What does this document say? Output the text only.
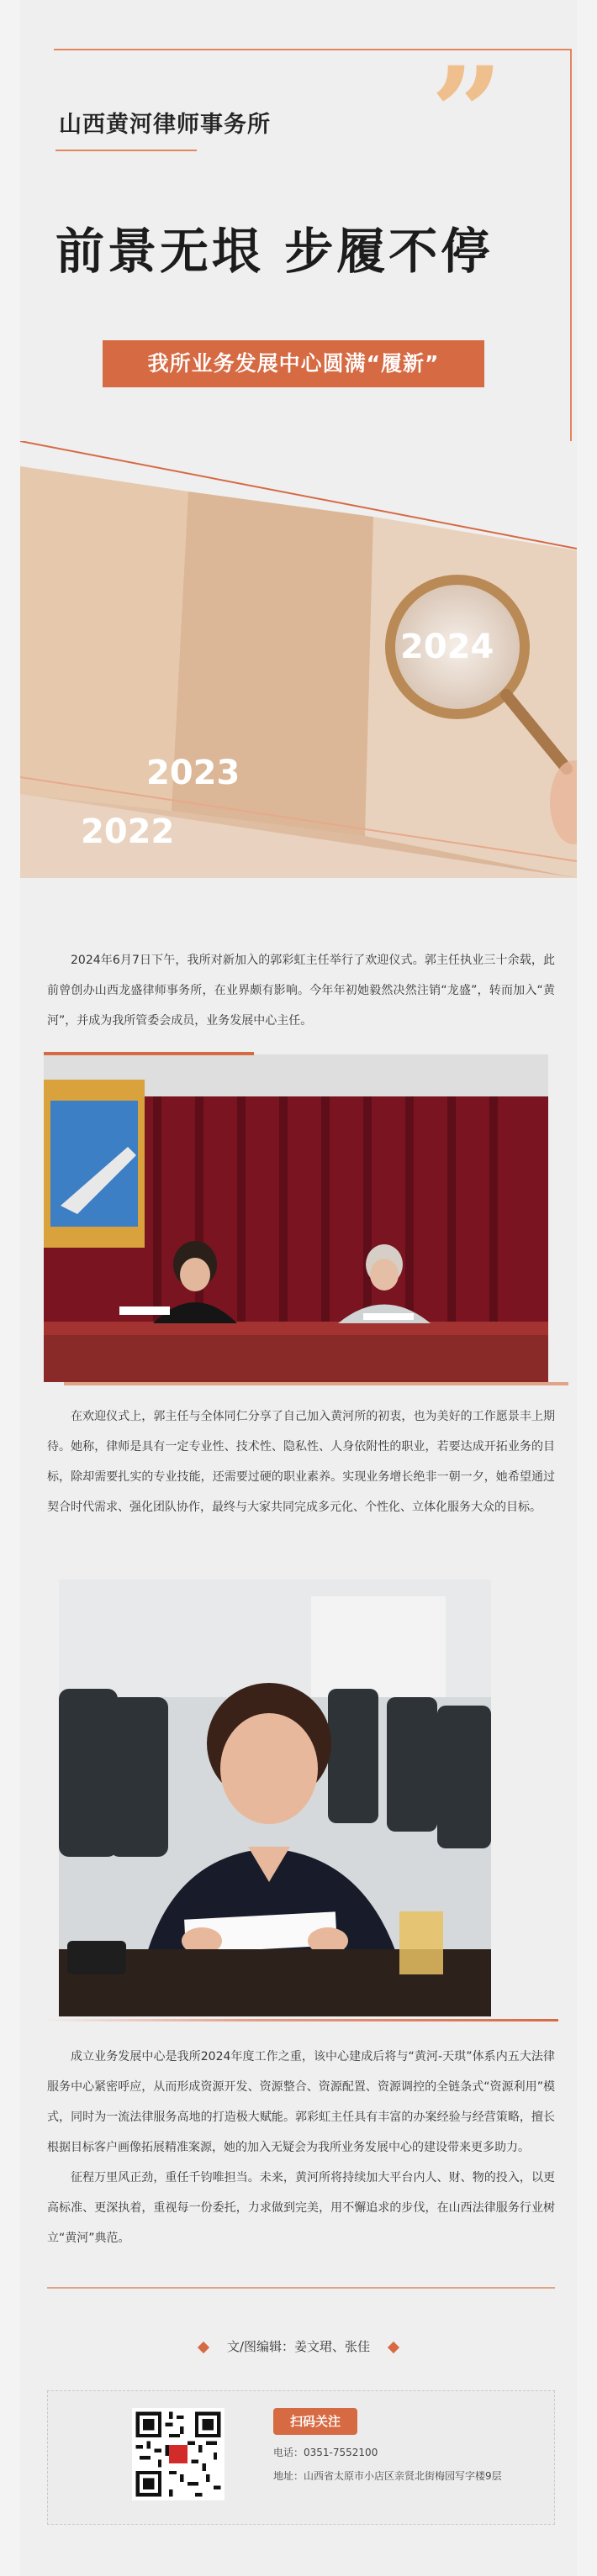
山西黄河律师事务所 ”
前景无垠 步履不停
我所业务发展中心圆满“履新”
2023
2022
2024
2024年6月7日下午，我所对新加入的郭彩虹主任举行了欢迎仪式。郭主任执业三十余载，此前曾创办山西龙盛律师事务所，在业界颇有影响。今年年初她毅然决然注销“龙盛”，转而加入“黄河”，并成为我所管委会成员，业务发展中心主任。
在欢迎仪式上，郭主任与全体同仁分享了自己加入黄河所的初衷，也为美好的工作愿景丰上期待。她称，律师是具有一定专业性、技术性、隐私性、人身依附性的职业，若要达成开拓业务的目标，除却需要扎实的专业技能，还需要过硬的职业素养。实现业务增长绝非一朝一夕，她希望通过契合时代需求、强化团队协作，最终与大家共同完成多元化、个性化、立体化服务大众的目标。
成立业务发展中心是我所2024年度工作之重，该中心建成后将与“黄河-天琪”体系内五大法律服务中心紧密呼应，从而形成资源开发、资源整合、资源配置、资源调控的全链条式“资源利用”模式，同时为一流法律服务高地的打造极大赋能。郭彩虹主任具有丰富的办案经验与经营策略，擅长根据目标客户画像拓展精准案源，她的加入无疑会为我所业务发展中心的建设带来更多助力。
征程万里风正劲，重任千钧唯担当。未来，黄河所将持续加大平台内人、财、物的投入，以更高标准、更深执着，重视每一份委托，力求做到完美，用不懈追求的步伐，在山西法律服务行业树立“黄河”典范。
文/图编辑：姜文珺、张佳
扫码关注
电话：0351-7552100
地址：山西省太原市小店区亲贤北街梅园写字楼9层
